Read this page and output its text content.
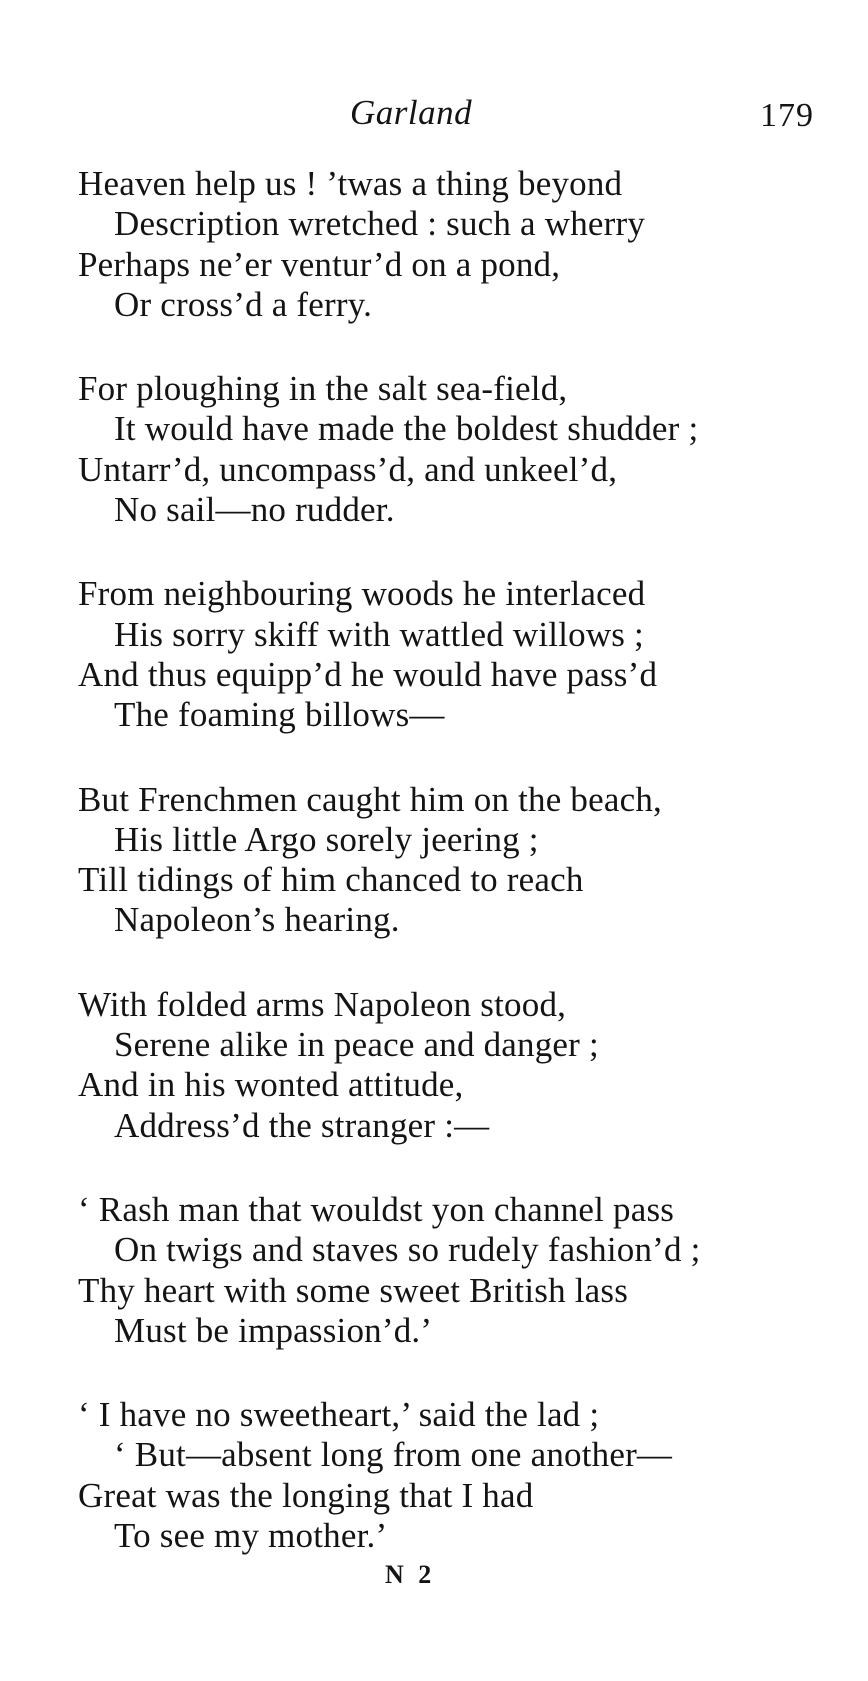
Garland	179
Heaven help us ! ’twas a thing beyond
Description wretched : such a wherry
Perhaps ne’er ventur’d on a pond,
Or cross’d a ferry.
For ploughing in the salt sea-field,
It would have made the boldest shudder ;
Untarr’d, uncompass’d, and unkeel’d,
No sail—no rudder.
From neighbouring woods he interlaced
His sorry skiff with wattled willows ;
And thus equipp’d he would have pass’d
The foaming billows—
But Frenchmen caught him on the beach,
His little Argo sorely jeering ;
Till tidings of him chanced to reach
Napoleon’s hearing.
With folded arms Napoleon stood,
Serene alike in peace and danger ;
And in his wonted attitude,
Address’d the stranger :—
‘ Rash man that wouldst yon channel pass
On twigs and staves so rudely fashion’d ;
Thy heart with some sweet British lass
Must be impassion’d.’
‘ I have no sweetheart,’ said the lad ;
‘ But—absent long from one another—
Great was the longing that I had
To see my mother.’
N 2
